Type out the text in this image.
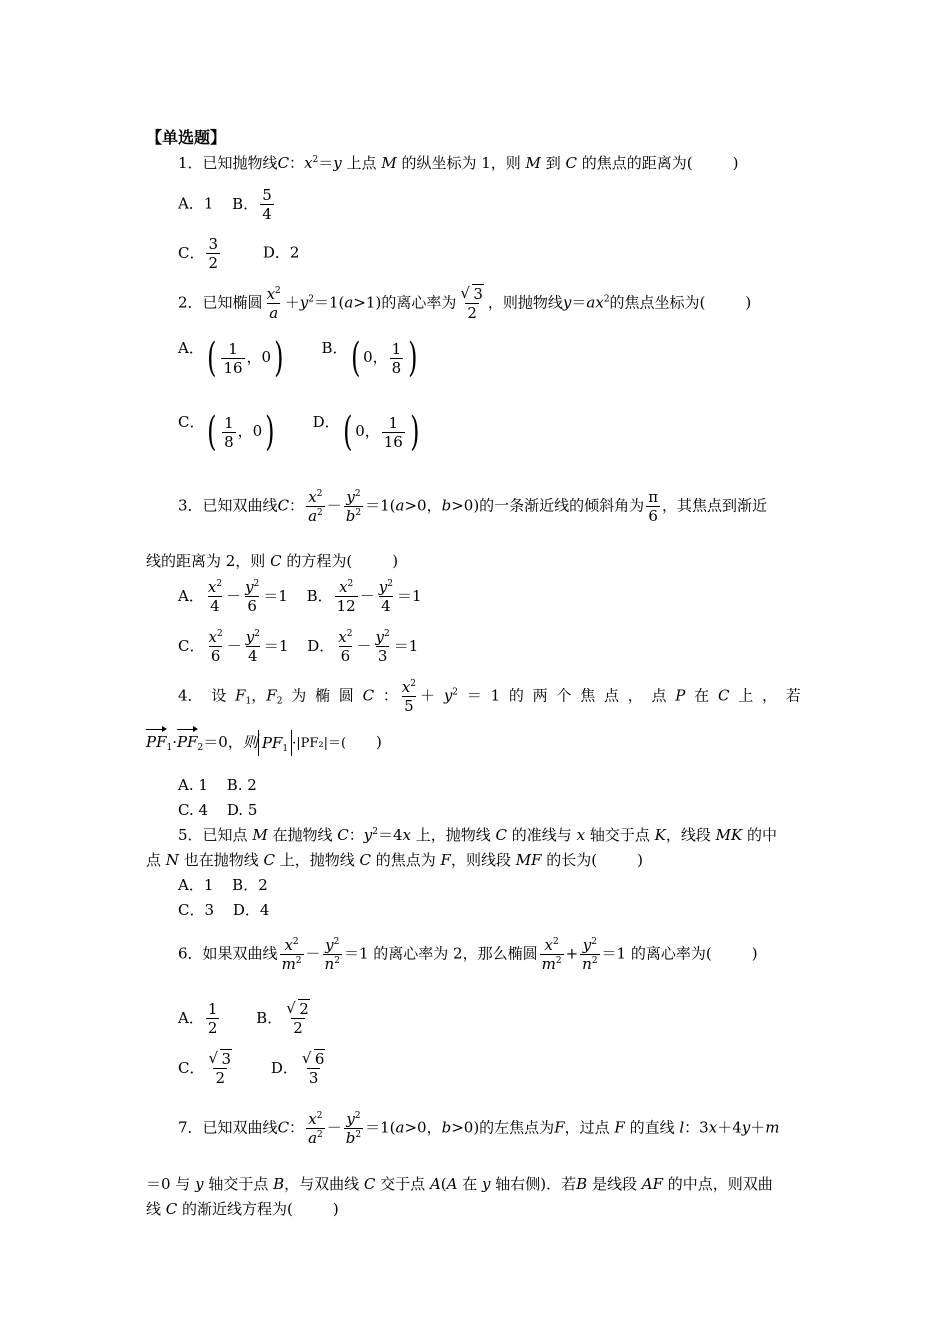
【单选题】
1．已知抛物线C：$x^2=y$ 上点 M 的纵坐标为 1，则 M 到 C 的焦点的距离为(	)
A．1 B． $\frac{5}{4}$
C． $\frac{3}{2}$	D．2
2．已知椭圆 $\frac{x^2}{a} +y^2=1(a>1)$的离心率为 $\frac{√ 3}{2}$ ，则抛物线$y=ax^2$的焦点坐标为(	)
A．( $\frac{1}{16}$ ，0)	B．( 0， $\frac{1}{8}$ )
C．( $\frac{1}{8}$ ，0)	D．( 0， $\frac{1}{16}$ )
3．已知双曲线C： $\frac{x^2}{a^2} - \frac{y^2}{b^2} =1(a>0$，b>0)的一条渐近线的倾斜角为 $\frac{\pi}{6}$ ，其焦点到渐近
线的距离为 2，则 C 的方程为(	)
A． $\frac{x^2}{4} - \frac{y^2}{6} =1$ B． $\frac{x^2}{12} - \frac{y^2}{4} =1$
C． $\frac{x^2}{6} - \frac{y^2}{4} =1$ D． $\frac{x^2}{6} - \frac{y^2}{3} =1$
4． 设 $F_1$，$F_2$ 为 椭 圆 C ： $\frac{x^2}{5} + y^2 = 1$ 的 两 个 焦 点 ， 点 P 在 C 上 ， 若
$PF_1\cdot PF_2=0$，则 $PF_1 \cdot|PF_2|=$( )
A. 1 B. 2
C. 4 D. 5
5．已知点 M 在抛物线 C：$y^2=4x$ 上，抛物线 C 的准线与 x 轴交于点 K，线段 MK 的中
点 N 也在抛物线 C 上，抛物线 C 的焦点为 F，则线段 MF 的长为(	)
A．1 B．2
C．3 D．4
6．如果双曲线 $\frac{x^2}{m^2} - \frac{y^2}{n^2} =1$ 的离心率为 2，那么椭圆 $\frac{x^2}{m^2} + \frac{y^2}{n^2} =1$ 的离心率为(	)
A． $\frac{1}{2}$ B． $\frac{√ 2}{2}$
C． $\frac{√ 3}{2}$ D． $\frac{√ 6}{3}$
7．已知双曲线C： $\frac{x^2}{a^2} - \frac{y^2}{b^2} =1(a>0$，b>0)的左焦点为F，过点 F 的直线 l：3x＋4y＋m
＝0 与 y 轴交于点 B，与双曲线 C 交于点 A(A 在 y 轴右侧)．若B 是线段 AF 的中点，则双曲
线 C 的渐近线方程为(	)
